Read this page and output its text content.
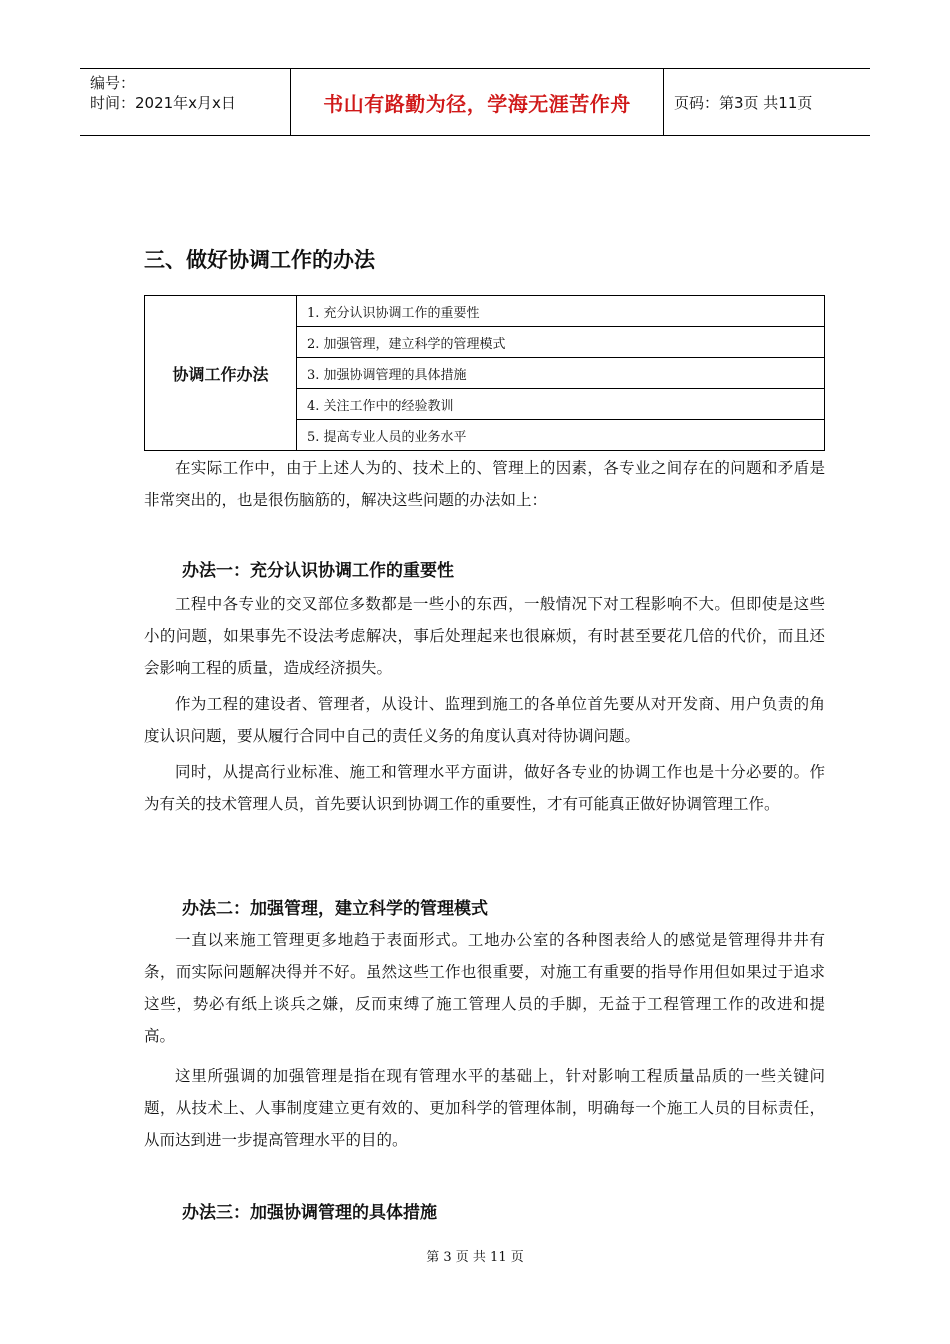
编号：
时间：2021年x月x日	书山有路勤为径，学海无涯苦作舟	页码：第3页 共11页
三、做好协调工作的办法
协调工作办法	1. 充分认识协调工作的重要性
2. 加强管理，建立科学的管理模式
3. 加强协调管理的具体措施
4. 关注工作中的经验教训
5. 提高专业人员的业务水平

在实际工作中，由于上述人为的、技术上的、管理上的因素，各专业之间存在的问题和矛盾是非常突出的，也是很伤脑筋的，解决这些问题的办法如上：

办法一：充分认识协调工作的重要性

工程中各专业的交叉部位多数都是一些小的东西，一般情况下对工程影响不大。但即使是这些小的问题，如果事先不设法考虑解决，事后处理起来也很麻烦，有时甚至要花几倍的代价，而且还会影响工程的质量，造成经济损失。

作为工程的建设者、管理者，从设计、监理到施工的各单位首先要从对开发商、用户负责的角度认识问题，要从履行合同中自己的责任义务的角度认真对待协调问题。

同时，从提高行业标准、施工和管理水平方面讲，做好各专业的协调工作也是十分必要的。作为有关的技术管理人员，首先要认识到协调工作的重要性，才有可能真正做好协调管理工作。

办法二：加强管理，建立科学的管理模式

一直以来施工管理更多地趋于表面形式。工地办公室的各种图表给人的感觉是管理得井井有条，而实际问题解决得并不好。虽然这些工作也很重要，对施工有重要的指导作用但如果过于追求这些，势必有纸上谈兵之嫌，反而束缚了施工管理人员的手脚，无益于工程管理工作的改进和提高。

这里所强调的加强管理是指在现有管理水平的基础上，针对影响工程质量品质的一些关键问题，从技术上、人事制度建立更有效的、更加科学的管理体制，明确每一个施工人员的目标责任，从而达到进一步提高管理水平的目的。

办法三：加强协调管理的具体措施

第 3 页 共 11 页
